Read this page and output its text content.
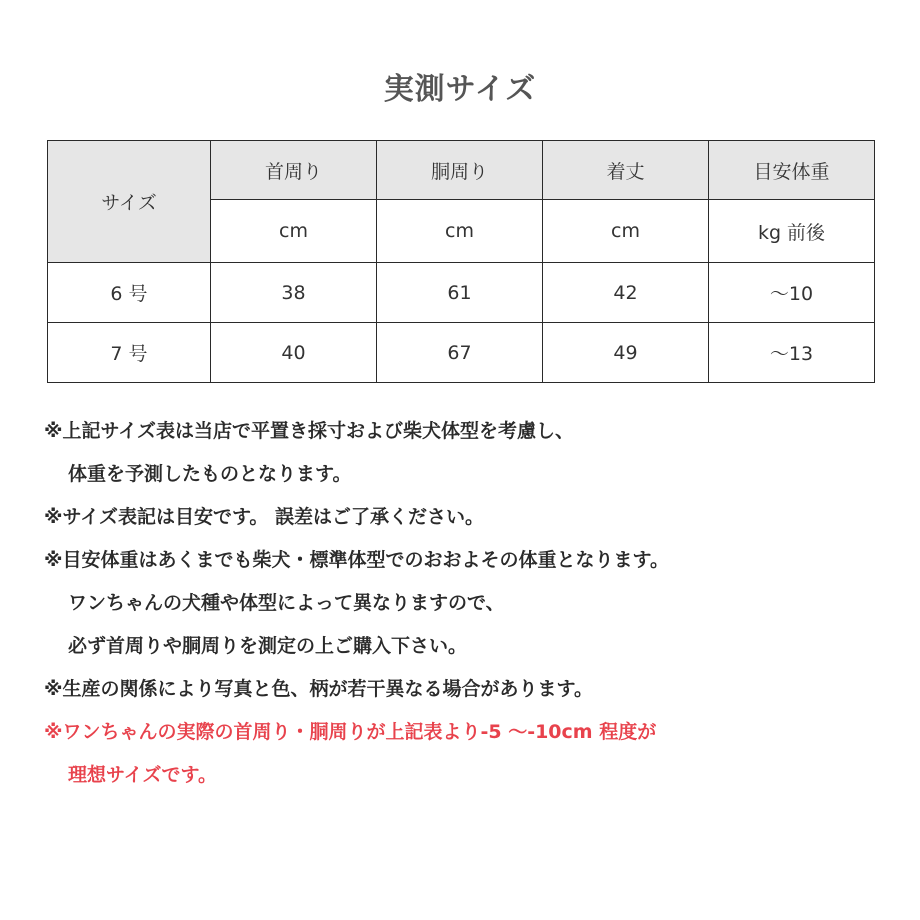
実測サイズ
サイズ	首周り	胴周り	着丈	目安体重
	cm	cm	cm	kg 前後
6 号	38	61	42	～10
7 号	40	67	49	～13
※上記サイズ表は当店で平置き採寸および柴犬体型を考慮し、
体重を予測したものとなります。
※サイズ表記は目安です。 誤差はご了承ください。
※目安体重はあくまでも柴犬・標準体型でのおおよその体重となります。
ワンちゃんの犬種や体型によって異なりますので、
必ず首周りや胴周りを測定の上ご購入下さい。
※生産の関係により写真と色、柄が若干異なる場合があります。
※ワンちゃんの実際の首周り・胴周りが上記表より-5 ～-10cm 程度が
理想サイズです。
